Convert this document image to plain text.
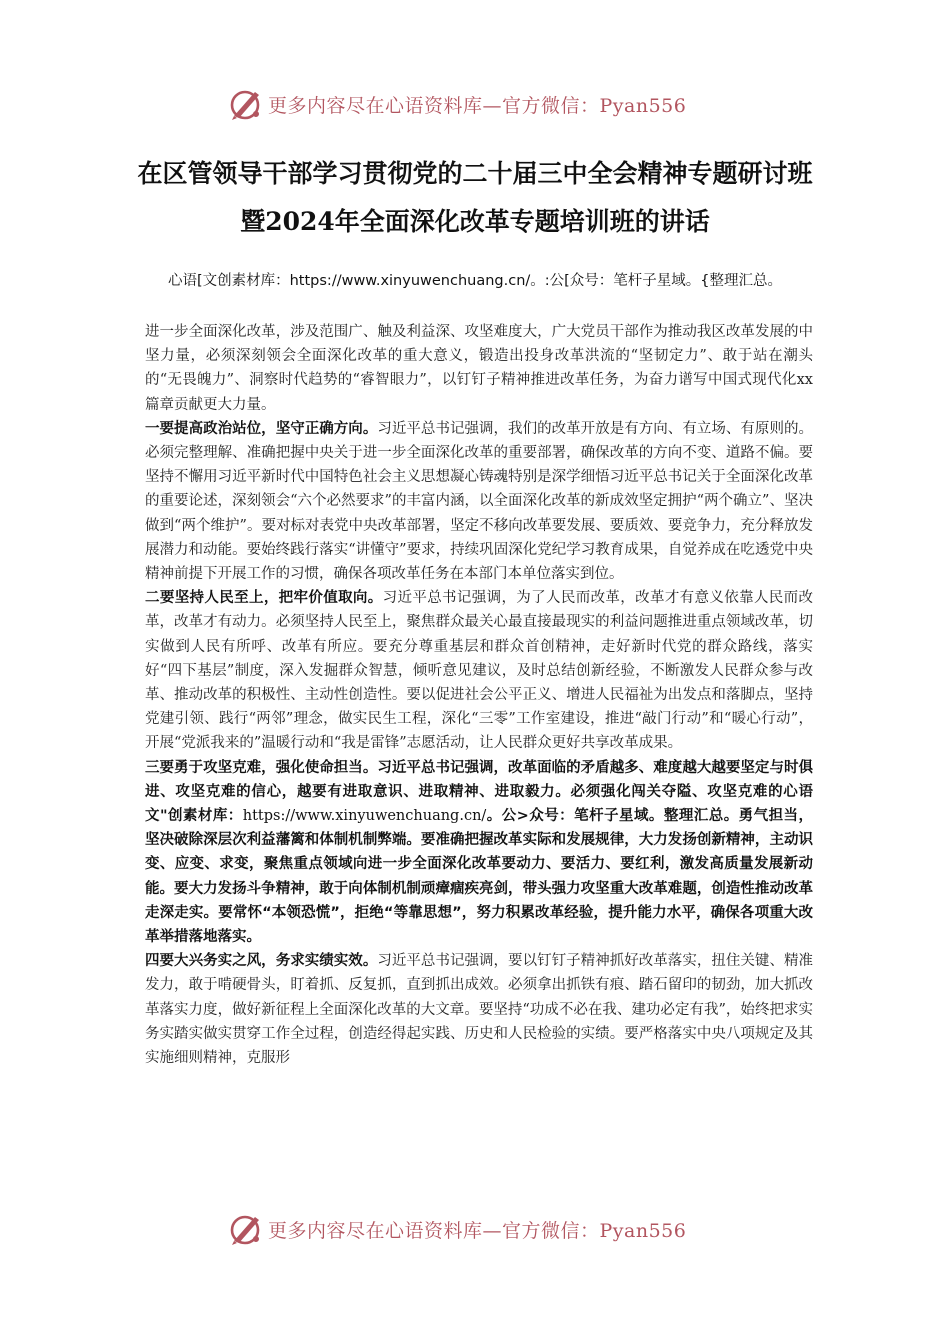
更多内容尽在心语资料库—官方微信：Pyan556
在区管领导干部学习贯彻党的二十届三中全会精神专题研讨班暨2024年全面深化改革专题培训班的讲话

心语[文创素材库：https://www.xinyuwenchuang.cn/。:公[众号：笔杆子星域。{整理汇总。

进一步全面深化改革，涉及范围广、触及利益深、攻坚难度大，广大党员干部作为推动我区改革发展的中坚力量，必须深刻领会全面深化改革的重大意义，锻造出投身改革洪流的“坚韧定力”、敢于站在潮头的“无畏魄力”、洞察时代趋势的“睿智眼力”，以钉钉子精神推进改革任务，为奋力谱写中国式现代化xx篇章贡献更大力量。

一要提高政治站位，坚守正确方向。习近平总书记强调，我们的改革开放是有方向、有立场、有原则的。必须完整理解、准确把握中央关于进一步全面深化改革的重要部署，确保改革的方向不变、道路不偏。要坚持不懈用习近平新时代中国特色社会主义思想凝心铸魂特别是深学细悟习近平总书记关于全面深化改革的重要论述，深刻领会“六个必然要求”的丰富内涵，以全面深化改革的新成效坚定拥护“两个确立”、坚决做到“两个维护”。要对标对表党中央改革部署，坚定不移向改革要发展、要质效、要竞争力，充分释放发展潜力和动能。要始终践行落实“讲懂守”要求，持续巩固深化党纪学习教育成果，自觉养成在吃透党中央精神前提下开展工作的习惯，确保各项改革任务在本部门本单位落实到位。

二要坚持人民至上，把牢价值取向。习近平总书记强调，为了人民而改革，改革才有意义依靠人民而改革，改革才有动力。必须坚持人民至上，聚焦群众最关心最直接最现实的利益问题推进重点领域改革，切实做到人民有所呼、改革有所应。要充分尊重基层和群众首创精神，走好新时代党的群众路线，落实好“四下基层”制度，深入发掘群众智慧，倾听意见建议，及时总结创新经验，不断激发人民群众参与改革、推动改革的积极性、主动性创造性。要以促进社会公平正义、增进人民福祉为出发点和落脚点，坚持党建引领、践行“两邻”理念，做实民生工程，深化“三零”工作室建设，推进“敲门行动”和“暖心行动”，开展“党派我来的”温暖行动和“我是雷锋”志愿活动，让人民群众更好共享改革成果。

三要勇于攻坚克难，强化使命担当。习近平总书记强调，改革面临的矛盾越多、难度越大越要坚定与时俱进、攻坚克难的信心，越要有进取意识、进取精神、进取毅力。必须强化闯关夺隘、攻坚克难的心语文"创素材库：https://www.xinyuwenchuang.cn/。公>众号：笔杆子星域。整理汇总。勇气担当，坚决破除深层次利益藩篱和体制机制弊端。要准确把握改革实际和发展规律，大力发扬创新精神，主动识变、应变、求变，聚焦重点领域向进一步全面深化改革要动力、要活力、要红利，激发高质量发展新动能。要大力发扬斗争精神，敢于向体制机制顽瘴痼疾亮剑，带头强力攻坚重大改革难题，创造性推动改革走深走实。要常怀“本领恐慌”，拒绝“等靠思想”，努力积累改革经验，提升能力水平，确保各项重大改革举措落地落实。

四要大兴务实之风，务求实绩实效。习近平总书记强调，要以钉钉子精神抓好改革落实，扭住关键、精准发力，敢于啃硬骨头，盯着抓、反复抓，直到抓出成效。必须拿出抓铁有痕、踏石留印的韧劲，加大抓改革落实力度，做好新征程上全面深化改革的大文章。要坚持“功成不必在我、建功必定有我”，始终把求实务实踏实做实贯穿工作全过程，创造经得起实践、历史和人民检验的实绩。要严格落实中央八项规定及其实施细则精神，克服形

更多内容尽在心语资料库—官方微信：Pyan556
